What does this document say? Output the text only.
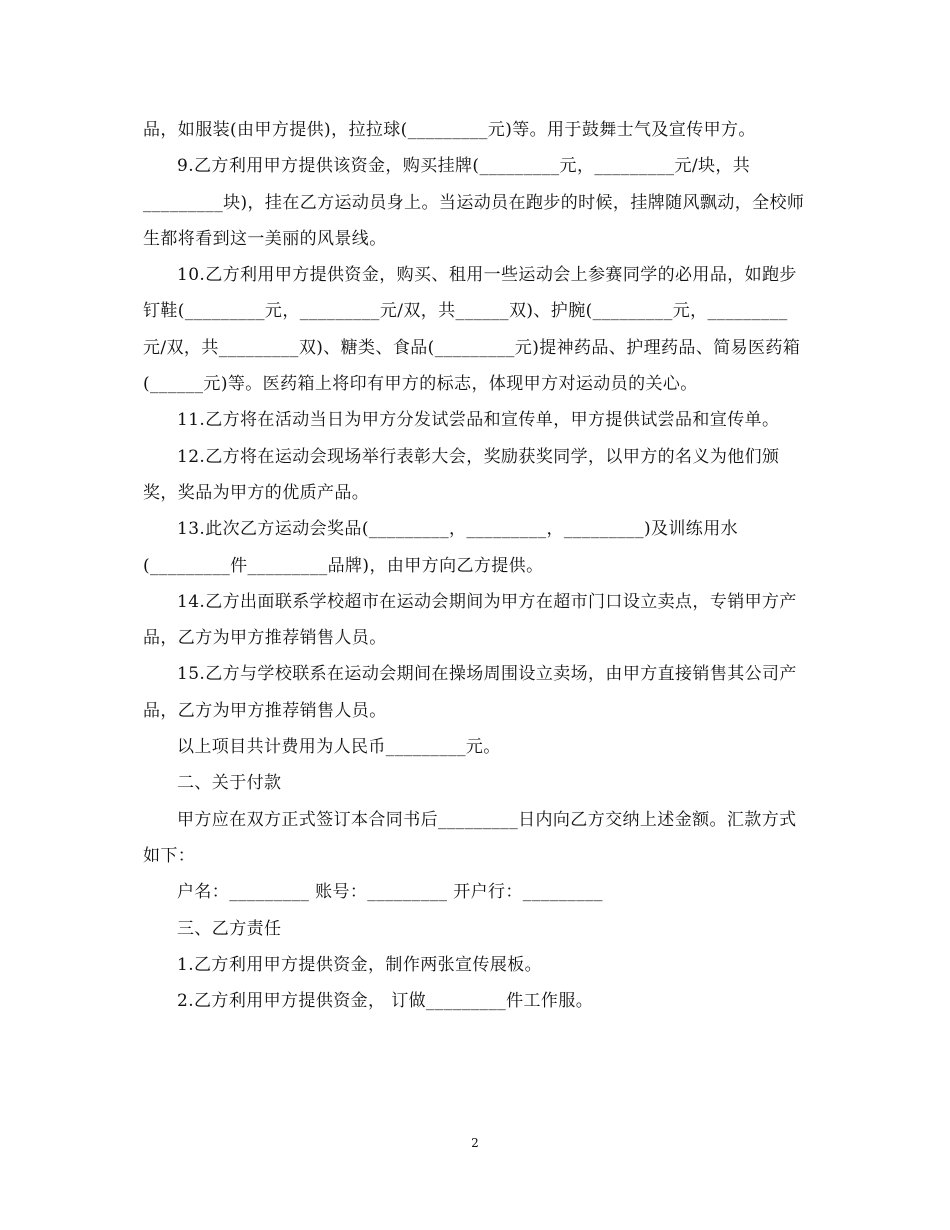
品，如服装(由甲方提供)，拉拉球(_________元)等。用于鼓舞士气及宣传甲方。

9.乙方利用甲方提供该资金，购买挂牌(_________元，_________元/块，共_________块)，挂在乙方运动员身上。当运动员在跑步的时候，挂牌随风飘动，全校师生都将看到这一美丽的风景线。

10.乙方利用甲方提供资金，购买、租用一些运动会上参赛同学的必用品，如跑步钉鞋(_________元，_________元/双，共______双)、护腕(_________元，_________元/双，共_________双)、糖类、食品(_________元)提神药品、护理药品、简易医药箱(______元)等。医药箱上将印有甲方的标志，体现甲方对运动员的关心。

11.乙方将在活动当日为甲方分发试尝品和宣传单，甲方提供试尝品和宣传单。

12.乙方将在运动会现场举行表彰大会，奖励获奖同学，以甲方的名义为他们颁奖，奖品为甲方的优质产品。

13.此次乙方运动会奖品(_________，_________，_________)及训练用水(_________件_________品牌)，由甲方向乙方提供。

14.乙方出面联系学校超市在运动会期间为甲方在超市门口设立卖点，专销甲方产品，乙方为甲方推荐销售人员。

15.乙方与学校联系在运动会期间在操场周围设立卖场，由甲方直接销售其公司产品，乙方为甲方推荐销售人员。

以上项目共计费用为人民币_________元。

二、关于付款

甲方应在双方正式签订本合同书后_________日内向乙方交纳上述金额。汇款方式如下：

户名：_________ 账号：_________ 开户行：_________

三、乙方责任

1.乙方利用甲方提供资金，制作两张宣传展板。

2.乙方利用甲方提供资金， 订做_________件工作服。

2
